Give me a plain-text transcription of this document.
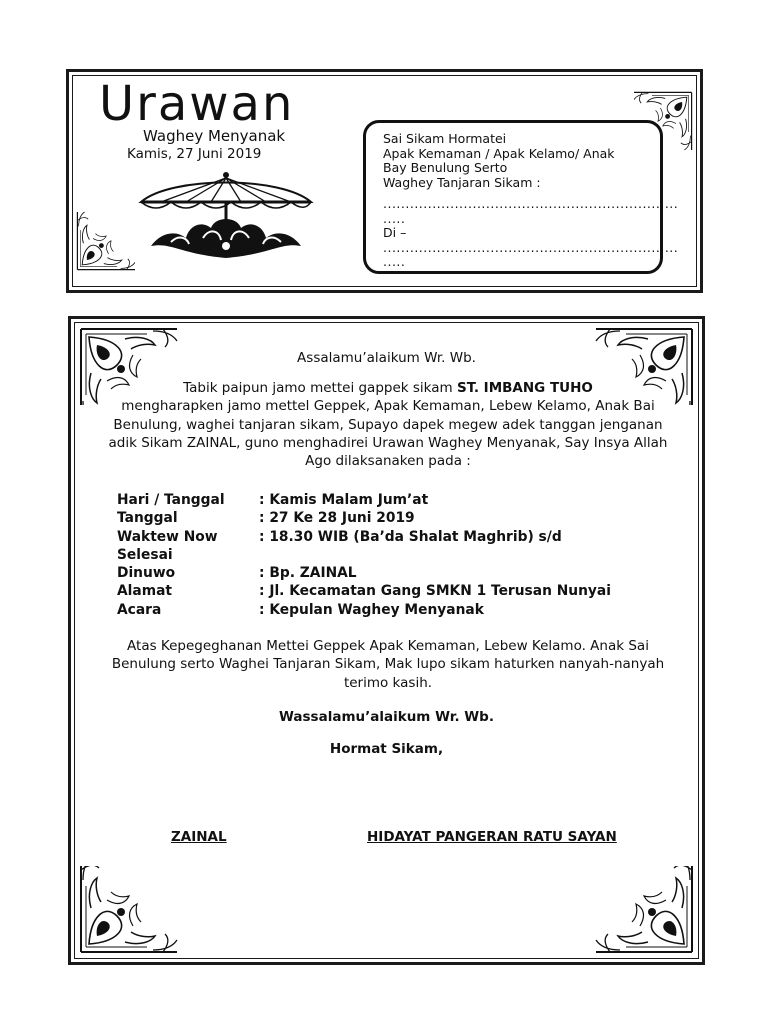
Urawan
Waghey Menyanak
Kamis, 27 Juni 2019
Sai Sikam Hormatei
Apak Kemaman / Apak Kelamo/ Anak
Bay Benulung Serto
Waghey Tanjaran Sikam :
..................................................................
.....
Di –
..................................................................
.....
Assalamu’alaikum Wr. Wb.
Tabik paipun jamo mettei gappek sikam ST. IMBANG TUHO
mengharapken jamo mettel Geppek, Apak Kemaman, Lebew Kelamo, Anak Bai Benulung, waghei tanjaran sikam, Supayo dapek megew adek tanggan jenganan adik Sikam ZAINAL, guno menghadirei Urawan Waghey Menyanak, Say Insya Allah Ago dilaksanaken pada :
Hari / Tanggal	: Kamis Malam Jum’at
Tanggal	: 27 Ke 28 Juni 2019
Waktew Now	: 18.30 WIB (Ba’da Shalat Maghrib) s/d
Selesai
Dinuwo	: Bp. ZAINAL
Alamat	: Jl. Kecamatan Gang SMKN 1 Terusan Nunyai
Acara	: Kepulan Waghey Menyanak
Atas Kepegeghanan Mettei Geppek Apak Kemaman, Lebew Kelamo. Anak Sai Benulung serto Waghei Tanjaran Sikam, Mak lupo sikam haturken nanyah-nanyah terimo kasih.
Wassalamu’alaikum Wr. Wb.
Hormat Sikam,
ZAINAL	HIDAYAT PANGERAN RATU SAYAN
